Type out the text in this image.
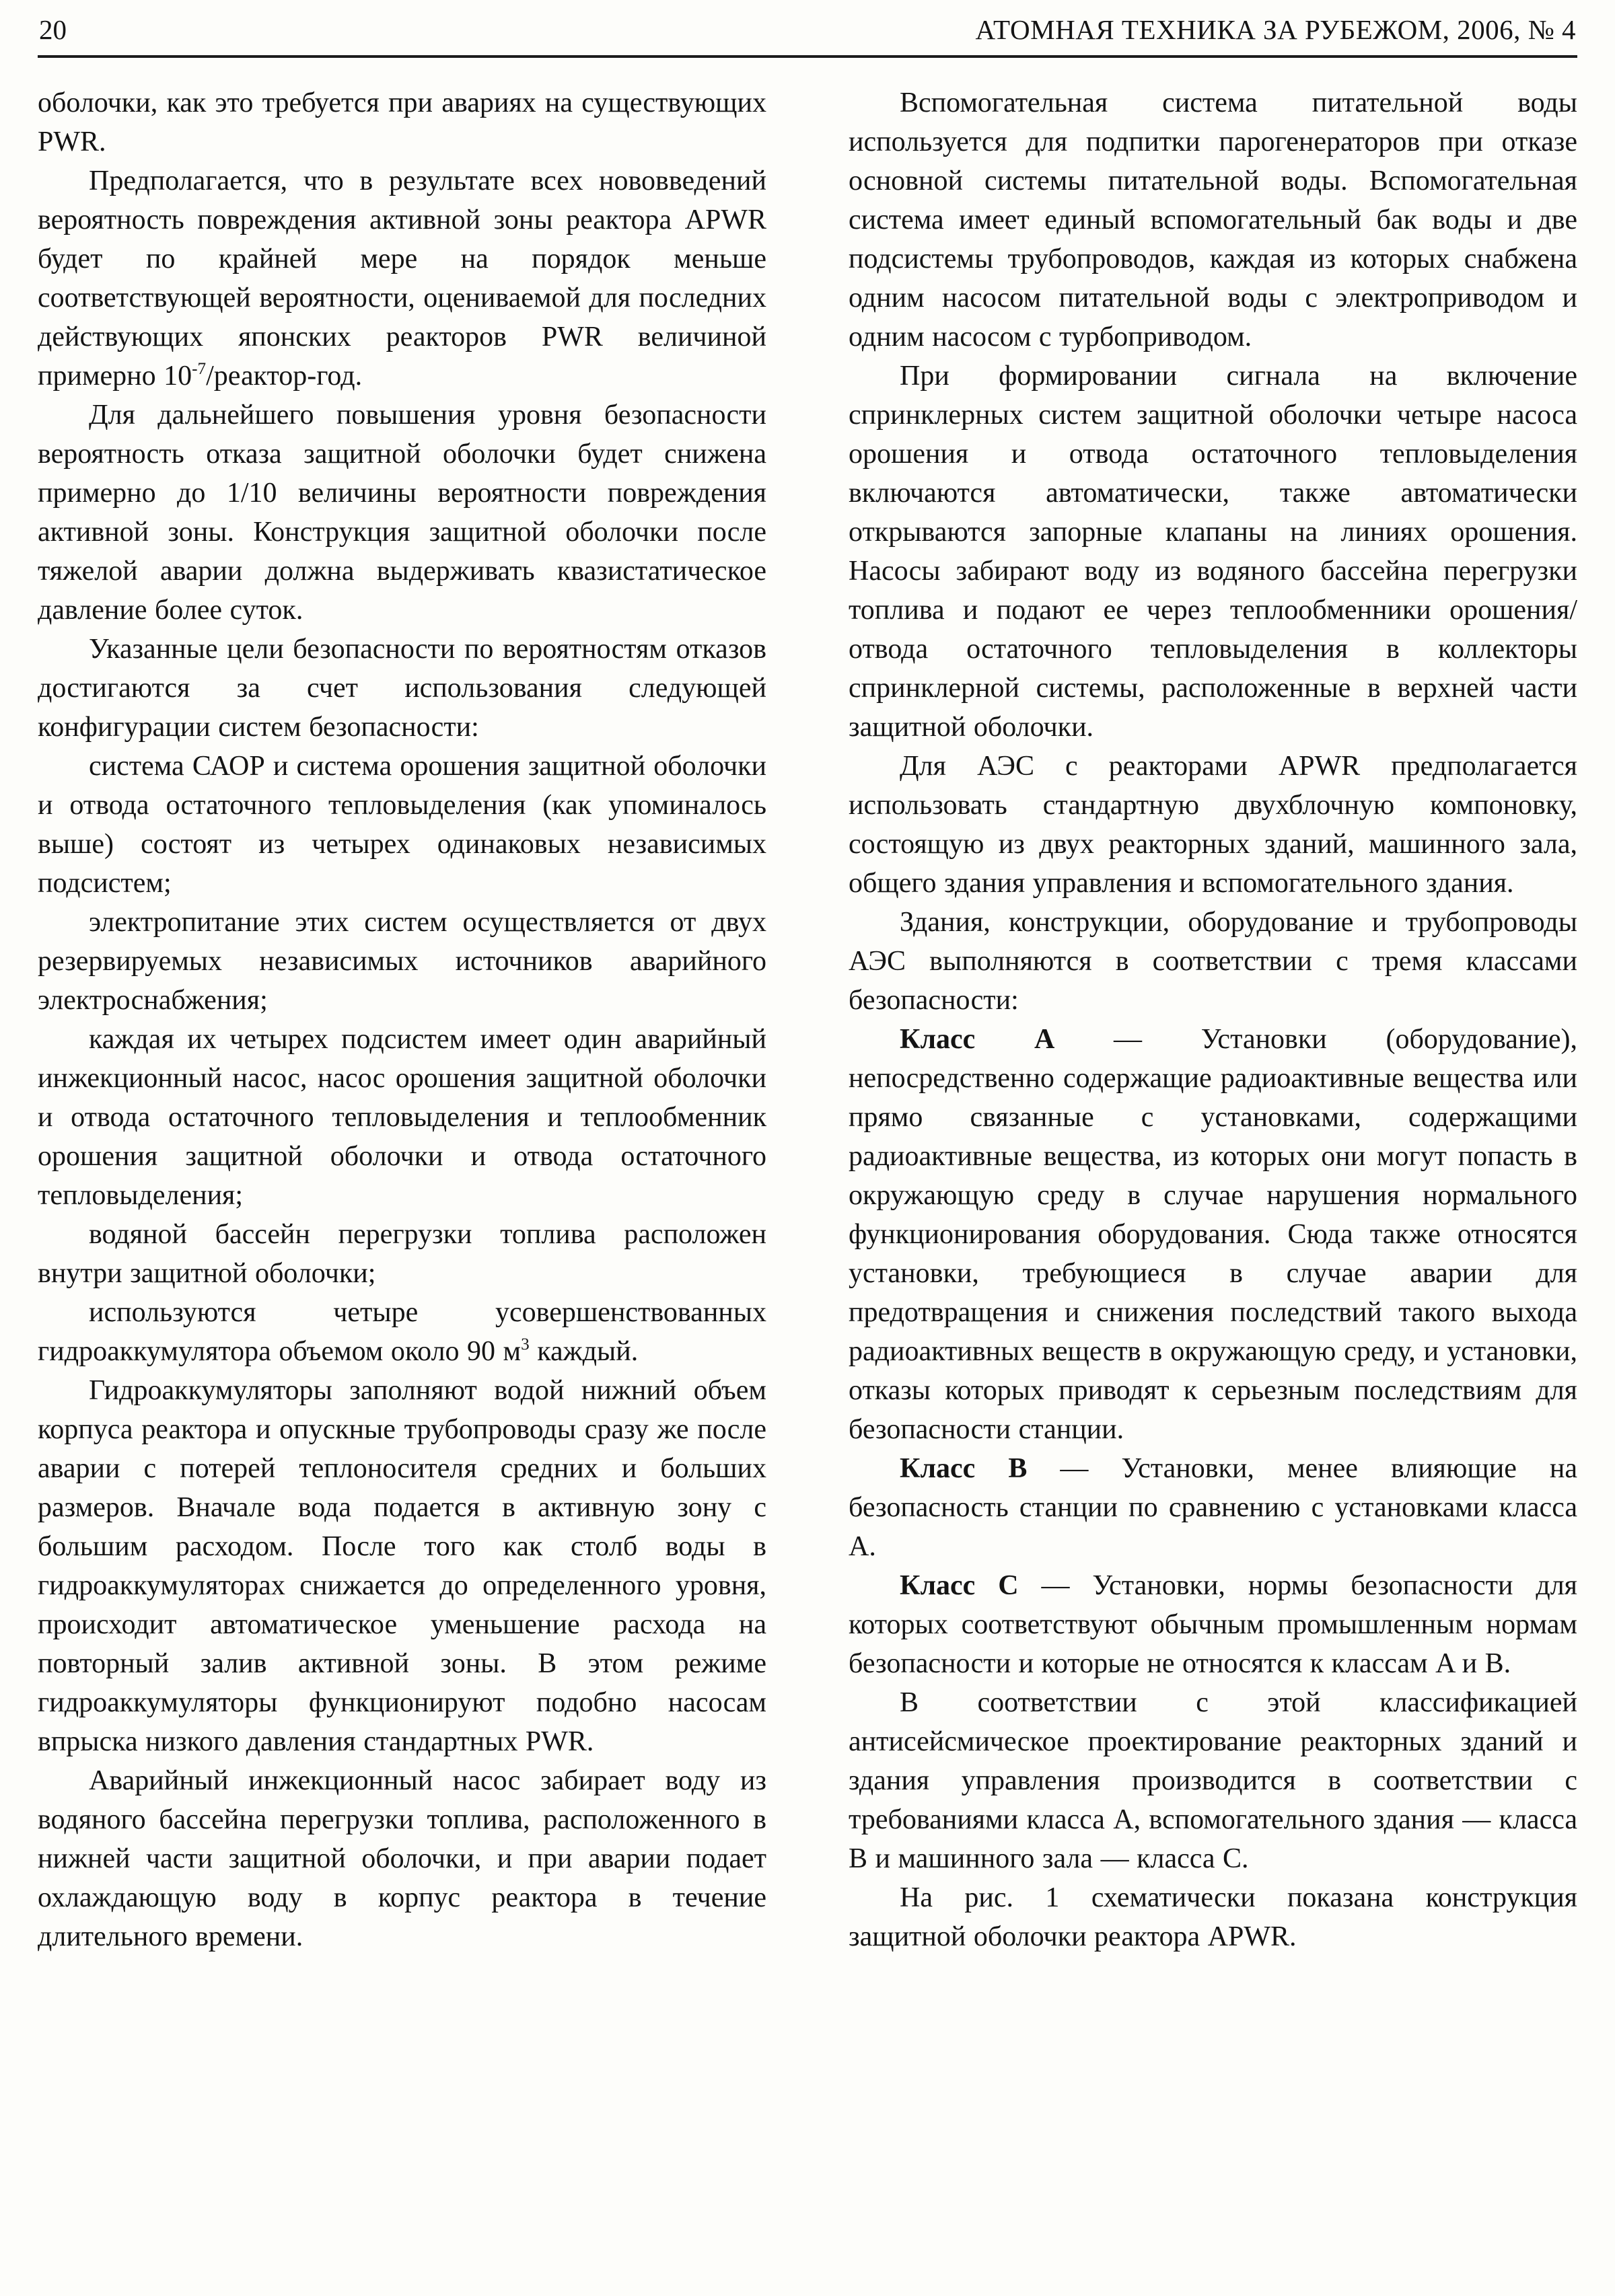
20	АТОМНАЯ ТЕХНИКА ЗА РУБЕЖОМ, 2006, № 4

оболочки, как это требуется при авариях на существующих PWR.

Предполагается, что в результате всех нововведений вероятность повреждения активной зоны реактора APWR будет по крайней мере на порядок меньше соответствующей вероятности, оцениваемой для последних действующих японских реакторов PWR величиной примерно $10^{-7}/реактор$-год.

Для дальнейшего повышения уровня безопасности вероятность отказа защитной оболочки будет снижена примерно до 1/10 величины вероятности повреждения активной зоны. Конструкция защитной оболочки после тяжелой аварии должна выдерживать квазистатическое давление более суток.

Указанные цели безопасности по вероятностям отказов достигаются за счет использования следующей конфигурации систем безопасности:

система САОР и система орошения защитной оболочки и отвода остаточного тепловыделения (как упоминалось выше) состоят из четырех одинаковых независимых подсистем;

электропитание этих систем осуществляется от двух резервируемых независимых источников аварийного электроснабжения;

каждая их четырех подсистем имеет один аварийный инжекционный насос, насос орошения защитной оболочки и отвода остаточного тепловыделения и теплообменник орошения защитной оболочки и отвода остаточного тепловыделения;

водяной бассейн перегрузки топлива расположен внутри защитной оболочки;

используются четыре усовершенствованных гидроаккумулятора объемом около 90 $м^3$ каждый.

Гидроаккумуляторы заполняют водой нижний объем корпуса реактора и опускные трубопроводы сразу же после аварии с потерей теплоносителя средних и больших размеров. Вначале вода подается в активную зону с большим расходом. После того как столб воды в гидроаккумуляторах снижается до определенного уровня, происходит автоматическое уменьшение расхода на повторный залив активной зоны. В этом режиме гидроаккумуляторы функционируют подобно насосам впрыска низкого давления стандартных PWR.

Аварийный инжекционный насос забирает воду из водяного бассейна перегрузки топлива, расположенного в нижней части защитной оболочки, и при аварии подает охлаждающую воду в корпус реактора в течение длительного времени.

Вспомогательная система питательной воды используется для подпитки парогенераторов при отказе основной системы питательной воды. Вспомогательная система имеет единый вспомогательный бак воды и две подсистемы трубопроводов, каждая из которых снабжена одним насосом питательной воды с электроприводом и одним насосом с турбоприводом.

При формировании сигнала на включение спринклерных систем защитной оболочки четыре насоса орошения и отвода остаточного тепловыделения включаются автоматически, также автоматически открываются запорные клапаны на линиях орошения. Насосы забирают воду из водяного бассейна перегрузки топлива и подают ее через теплообменники орошения/отвода остаточного тепловыделения в коллекторы спринклерной системы, расположенные в верхней части защитной оболочки.

Для АЭС с реакторами APWR предполагается использовать стандартную двухблочную компоновку, состоящую из двух реакторных зданий, машинного зала, общего здания управления и вспомогательного здания.

Здания, конструкции, оборудование и трубопроводы АЭС выполняются в соответствии с тремя классами безопасности:

Класс A — Установки (оборудование), непосредственно содержащие радиоактивные вещества или прямо связанные с установками, содержащими радиоактивные вещества, из которых они могут попасть в окружающую среду в случае нарушения нормального функционирования оборудования. Сюда также относятся установки, требующиеся в случае аварии для предотвращения и снижения последствий такого выхода радиоактивных веществ в окружающую среду, и установки, отказы которых приводят к серьезным последствиям для безопасности станции.

Класс B — Установки, менее влияющие на безопасность станции по сравнению с установками класса A.

Класс C — Установки, нормы безопасности для которых соответствуют обычным промышленным нормам безопасности и которые не относятся к классам A и B.

В соответствии с этой классификацией антисейсмическое проектирование реакторных зданий и здания управления производится в соответствии с требованиями класса A, вспомогательного здания — класса B и машинного зала — класса C.

На рис. 1 схематически показана конструкция защитной оболочки реактора APWR.
